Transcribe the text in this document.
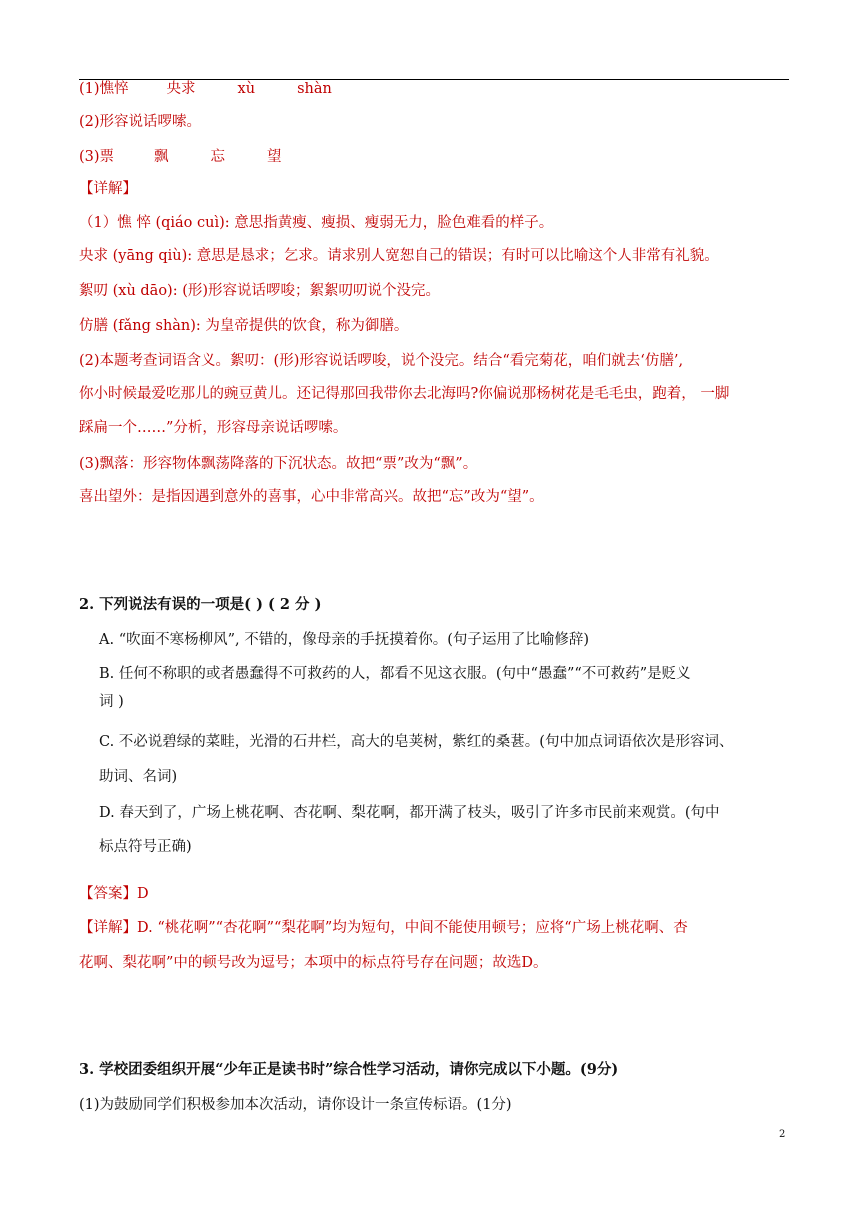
(1)憔悴	央求	xù	shàn
(2)形容说话啰嗦。
(3)票	飘	忘	望
【详解】
（1）憔 悴 (qiáo cuì): 意思指黄瘦、瘦损、瘦弱无力，脸色难看的样子。
央求 (yāng qiù): 意思是恳求；乞求。请求别人宽恕自己的错误；有时可以比喻这个人非常有礼貌。
絮叨 (xù dāo): (形)形容说话啰唆；絮絮叨叨说个没完。
仿膳 (fǎng shàn): 为皇帝提供的饮食，称为御膳。
(2)本题考查词语含义。絮叨：(形)形容说话啰唆，说个没完。结合“看完菊花，咱们就去‘仿膳’,
你小时候最爱吃那儿的豌豆黄儿。还记得那回我带你去北海吗?你偏说那杨树花是毛毛虫，跑着， 一脚
踩扁一个……”分析，形容母亲说话啰嗦。
(3)飘落：形容物体飘荡降落的下沉状态。故把“票”改为“飘”。
喜出望外：是指因遇到意外的喜事，心中非常高兴。故把“忘”改为“望”。
2. 下列说法有误的一项是( ) ( 2 分 )
A. “吹面不寒杨柳风”, 不错的，像母亲的手抚摸着你。(句子运用了比喻修辞)
B. 任何不称职的或者愚蠢得不可救药的人，都看不见这衣服。(句中“愚蠢”“不可救药”是贬义
词 )
C. 不必说碧绿的菜畦，光滑的石井栏，高大的皂荚树，紫红的桑葚。(句中加点词语依次是形容词、
助词、名词)
D. 春天到了，广场上桃花啊、杏花啊、梨花啊，都开满了枝头，吸引了许多市民前来观赏。(句中
标点符号正确)
【答案】D
【详解】D. “桃花啊”“杏花啊”“梨花啊”均为短句，中间不能使用顿号；应将“广场上桃花啊、杏
花啊、梨花啊”中的顿号改为逗号；本项中的标点符号存在问题；故选D。
3. 学校团委组织开展“少年正是读书时”综合性学习活动，请你完成以下小题。(9分)
(1)为鼓励同学们积极参加本次活动，请你设计一条宣传标语。(1分)
2
